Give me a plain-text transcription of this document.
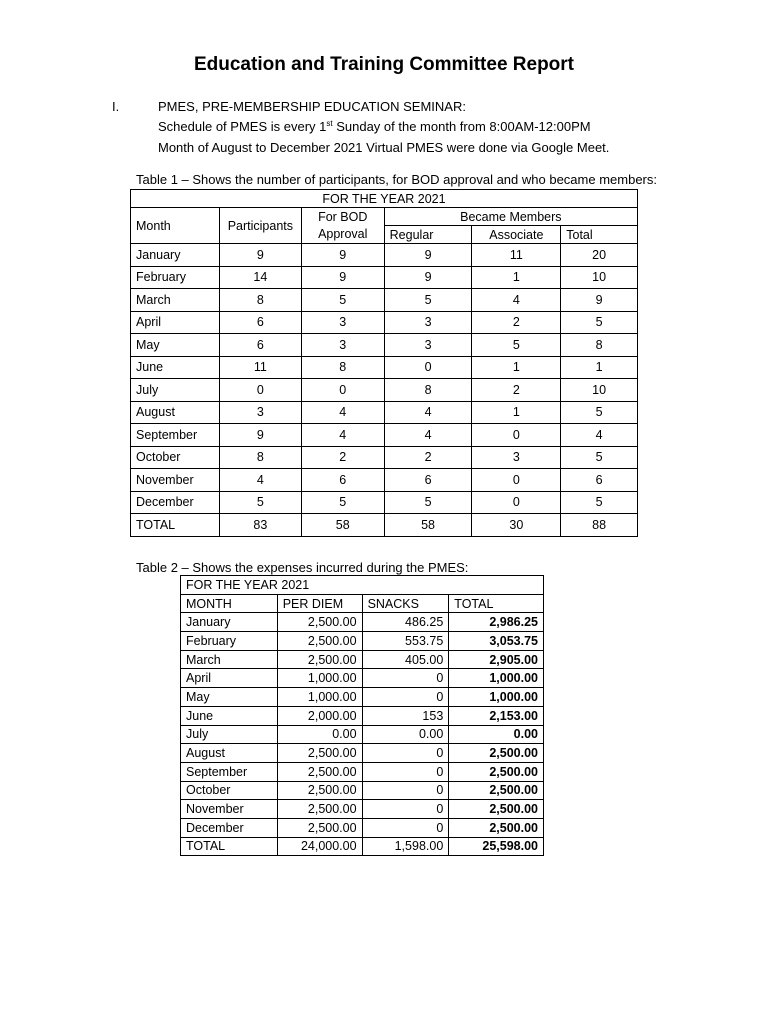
Education and Training Committee Report
I.	PMES, PRE-MEMBERSHIP EDUCATION SEMINAR:
Schedule of PMES is every 1st Sunday of the month from 8:00AM-12:00PM
Month of August to December 2021 Virtual PMES were done via Google Meet.
Table 1 – Shows the number of participants, for BOD approval and who became members:
FOR THE YEAR 2021					
Month	Participants	For BOD	Became Members		
		Approval	Regular	Associate	Total
January	9	9	9	11	20
February	14	9	9	1	10
March	8	5	5	4	9
April	6	3	3	2	5
May	6	3	3	5	8
June	11	8	0	1	1
July	0	0	8	2	10
August	3	4	4	1	5
September	9	4	4	0	4
October	8	2	2	3	5
November	4	6	6	0	6
December	5	5	5	0	5
TOTAL	83	58	58	30	88
Table 2 – Shows the expenses incurred during the PMES:
FOR THE YEAR 2021			
MONTH	PER DIEM	SNACKS	TOTAL
January	2,500.00	486.25	2,986.25
February	2,500.00	553.75	3,053.75
March	2,500.00	405.00	2,905.00
April	1,000.00	0	1,000.00
May	1,000.00	0	1,000.00
June	2,000.00	153	2,153.00
July	0.00	0.00	0.00
August	2,500.00	0	2,500.00
September	2,500.00	0	2,500.00
October	2,500.00	0	2,500.00
November	2,500.00	0	2,500.00
December	2,500.00	0	2,500.00
TOTAL	24,000.00	1,598.00	25,598.00
